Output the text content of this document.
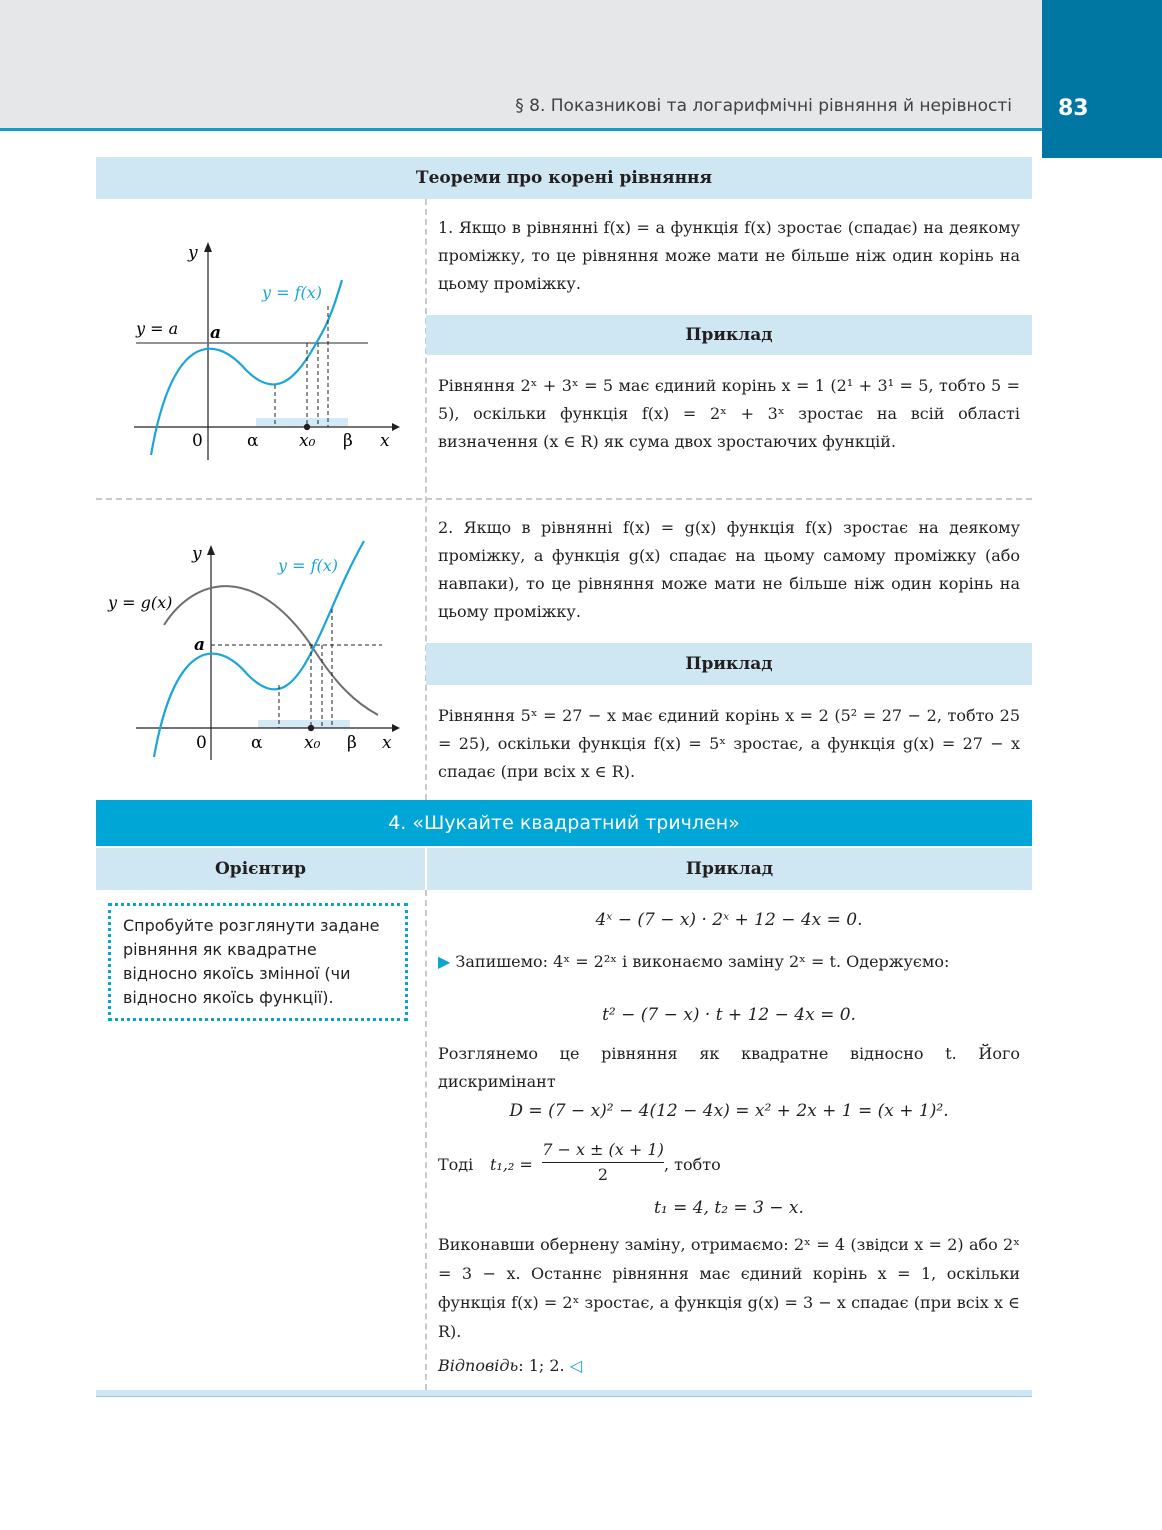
§ 8. Показникові та логарифмічні рівняння й нерівності 83
Теореми про корені рівняння
y
x
0
y = f(x)
y = a a
α x₀ β
1. Якщо в рівнянні f(x) = a функція f(x) зростає (спадає) на деякому проміжку, то це рівняння може мати не більше ніж один корінь на цьому проміжку.
Приклад
Рівняння 2ˣ + 3ˣ = 5 має єдиний корінь x = 1 (2¹ + 3¹ = 5, тобто 5 = 5), оскільки функція f(x) = 2ˣ + 3ˣ зростає на всій області визначення (x ∈ R) як сума двох зростаючих функцій.
y
x
0
y = f(x)
y = g(x)
a
α x₀ β
2. Якщо в рівнянні f(x) = g(x) функція f(x) зростає на деякому проміжку, а функція g(x) спадає на цьому самому проміжку (або навпаки), то це рівняння може мати не більше ніж один корінь на цьому проміжку.
Приклад
Рівняння 5ˣ = 27 − x має єдиний корінь x = 2 (5² = 27 − 2, тобто 25 = 25), оскільки функція f(x) = 5ˣ зростає, а функція g(x) = 27 − x спадає (при всіх x ∈ R).
4. «Шукайте квадратний тричлен»
Орієнтир	Приклад
Спробуйте розглянути задане рівняння як квадратне відносно якоїсь змінної (чи відносно якоїсь функції).
4ˣ − (7 − x) · 2ˣ + 12 − 4x = 0.
▶ Запишемо: 4ˣ = 2²ˣ і виконаємо заміну 2ˣ = t. Одержуємо:
t² − (7 − x) · t + 12 − 4x = 0.
Розглянемо це рівняння як квадратне відносно t. Його дискримінант
D = (7 − x)² − 4(12 − 4x) = x² + 2x + 1 = (x + 1)².
Тоді $t_1,_2 = \frac{7 - x \pm (x + 1)}{2}$ , тобто
t₁ = 4, t₂ = 3 − x.
Виконавши обернену заміну, отримаємо: 2ˣ = 4 (звідси x = 2) або 2ˣ = 3 − x. Останнє рівняння має єдиний корінь x = 1, оскільки функція f(x) = 2ˣ зростає, а функція g(x) = 3 − x спадає (при всіх x ∈ R).
Відповідь: 1; 2. ◁
